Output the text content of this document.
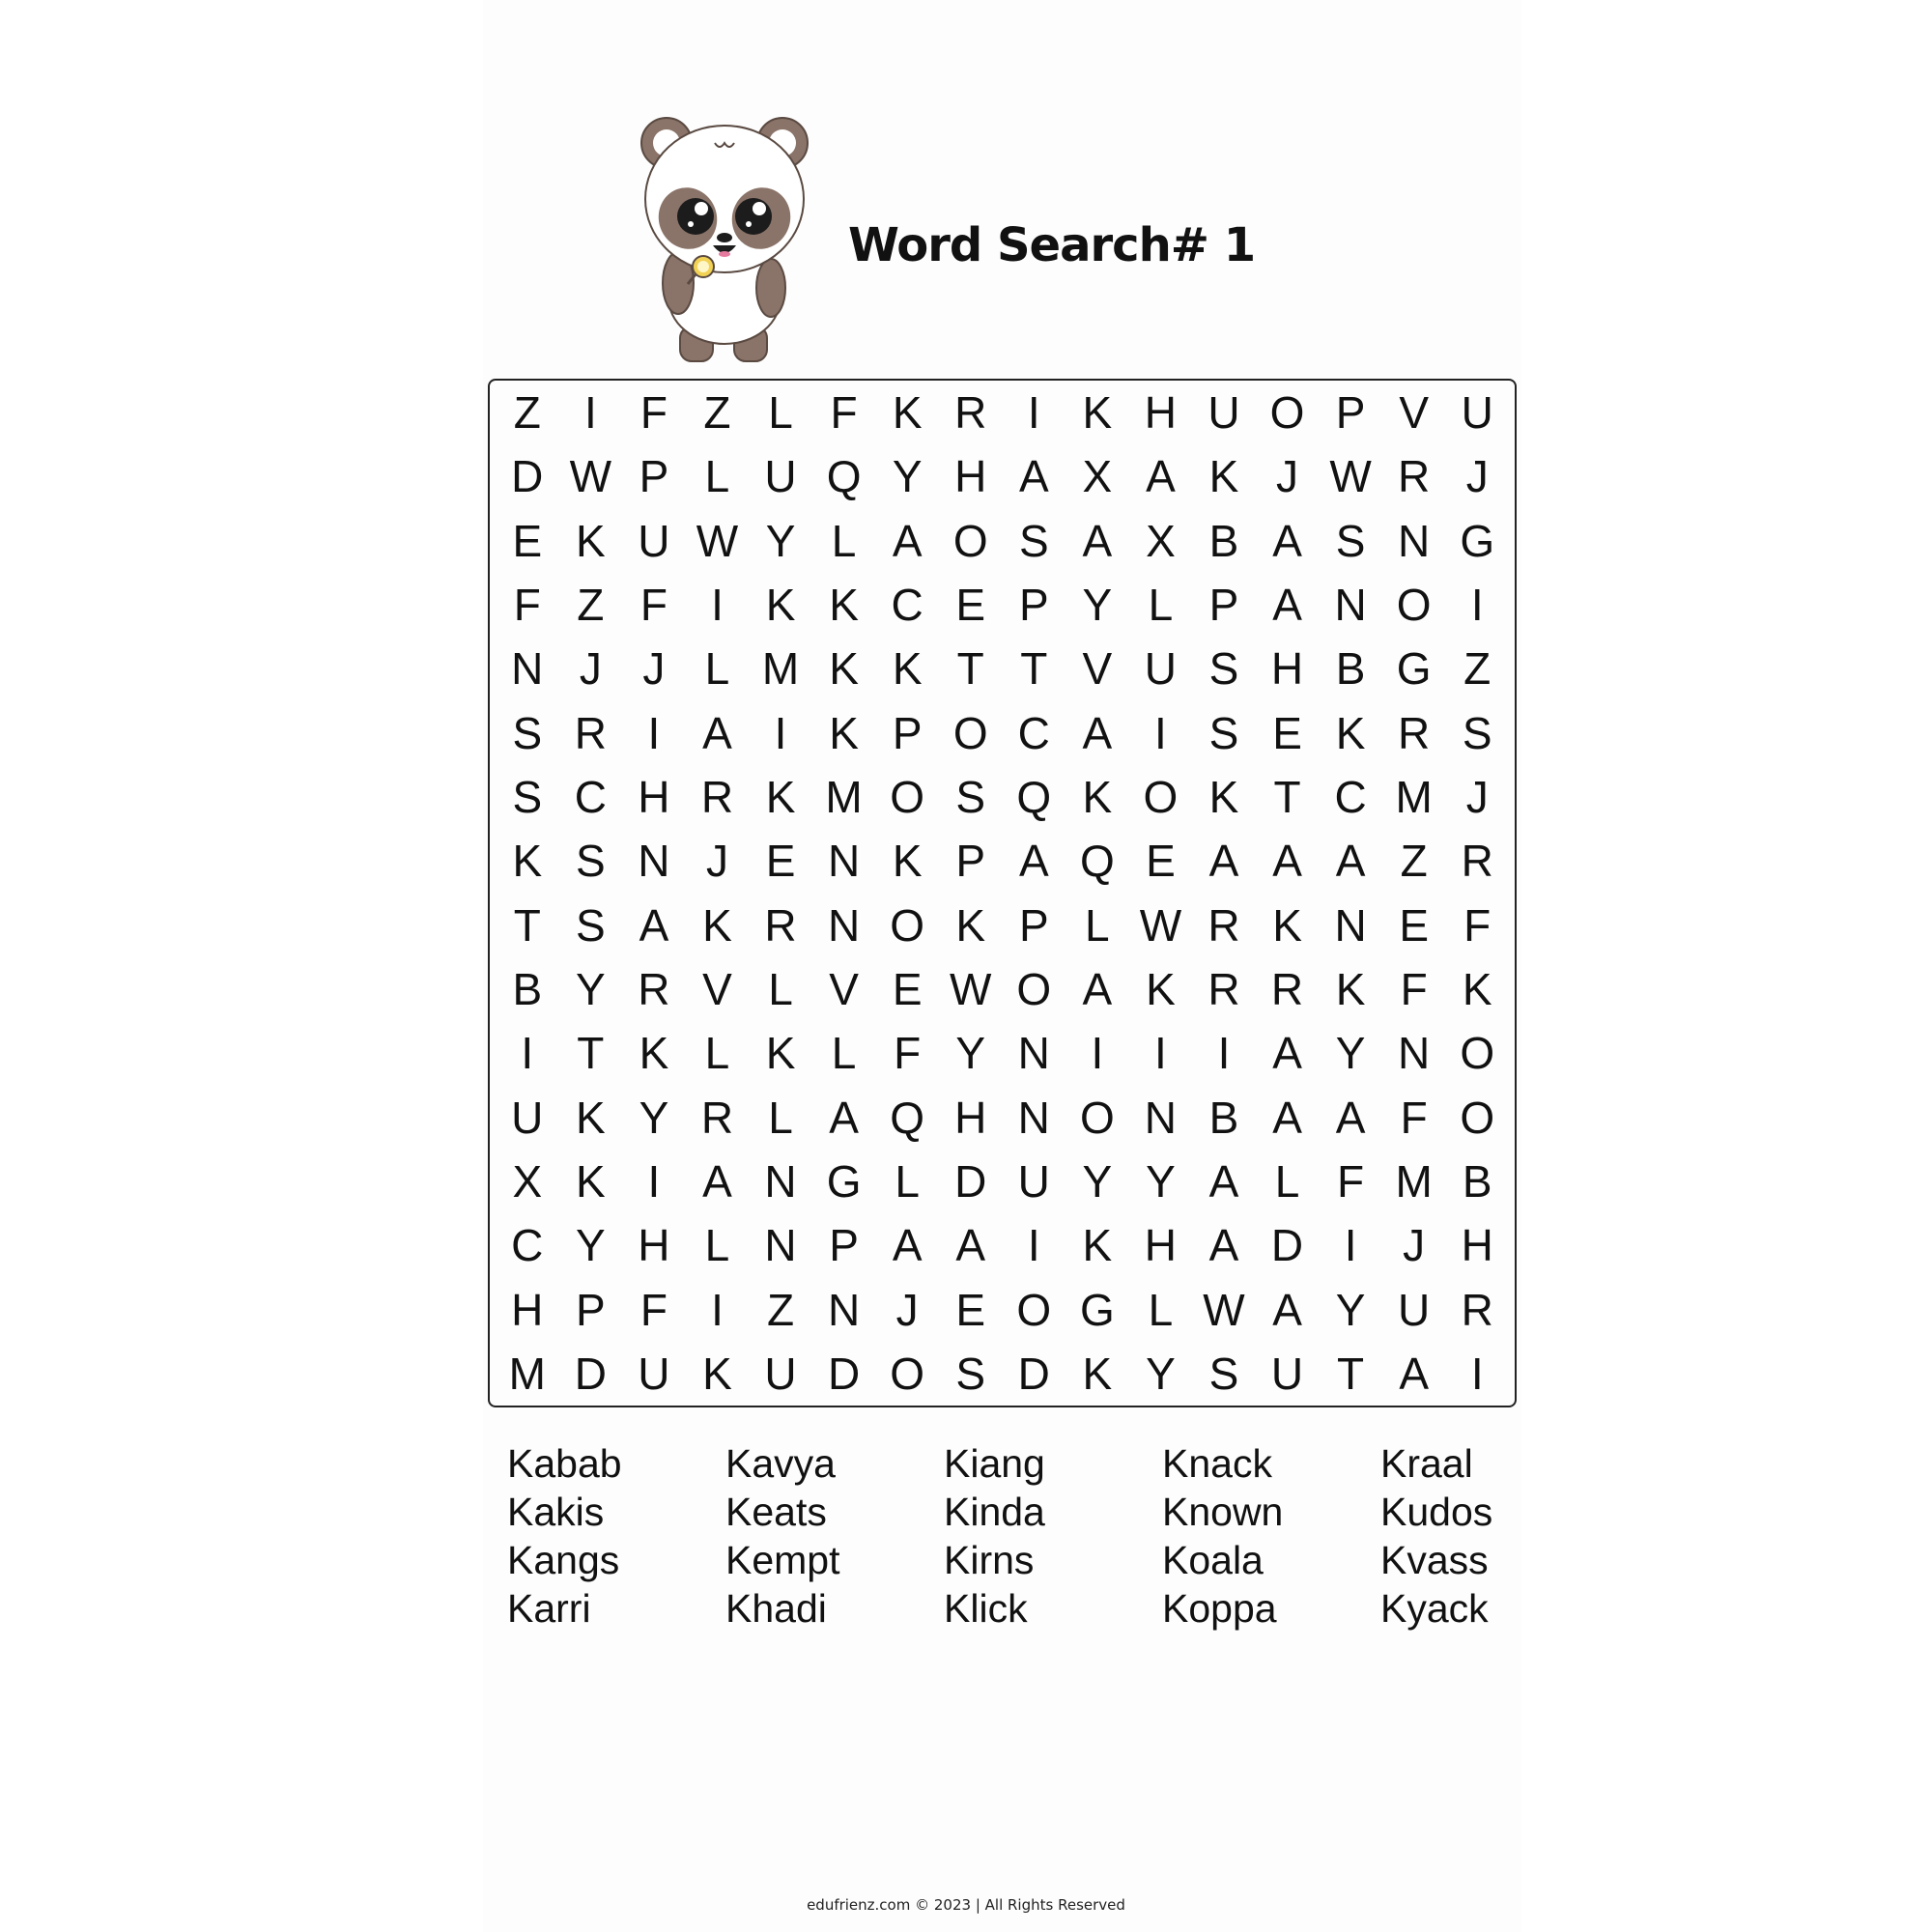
Word Search# 1
Z I F Z L F K R I K H U O P V U
D W P L U Q Y H A X A K J W R J
E K U W Y L A O S A X B A S N G
F Z F I K K C E P Y L P A N O I
N J J L M K K T T V U S H B G Z
S R I A I K P O C A I S E K R S
S C H R K M O S Q K O K T C M J
K S N J E N K P A Q E A A A Z R
T S A K R N O K P L W R K N E F
B Y R V L V E W O A K R R K F K
I T K L K L F Y N I	I	I A Y N O
U K Y R L A Q H N O N B A A F O
X K I A N G L D U Y Y A L F M B
C Y H L N P A A I K H A D I	J H
H P F I Z N J E O G L W A Y U R
M D U K U D O S D K Y S U T A I
Kabab
Kakis
Kangs
Karri
Kavya
Keats
Kempt
Khadi
Kiang
Kinda
Kirns
Klick
Knack
Known
Koala
Koppa
Kraal
Kudos
Kvass
Kyack
edufrienz.com © 2023 | All Rights Reserved
